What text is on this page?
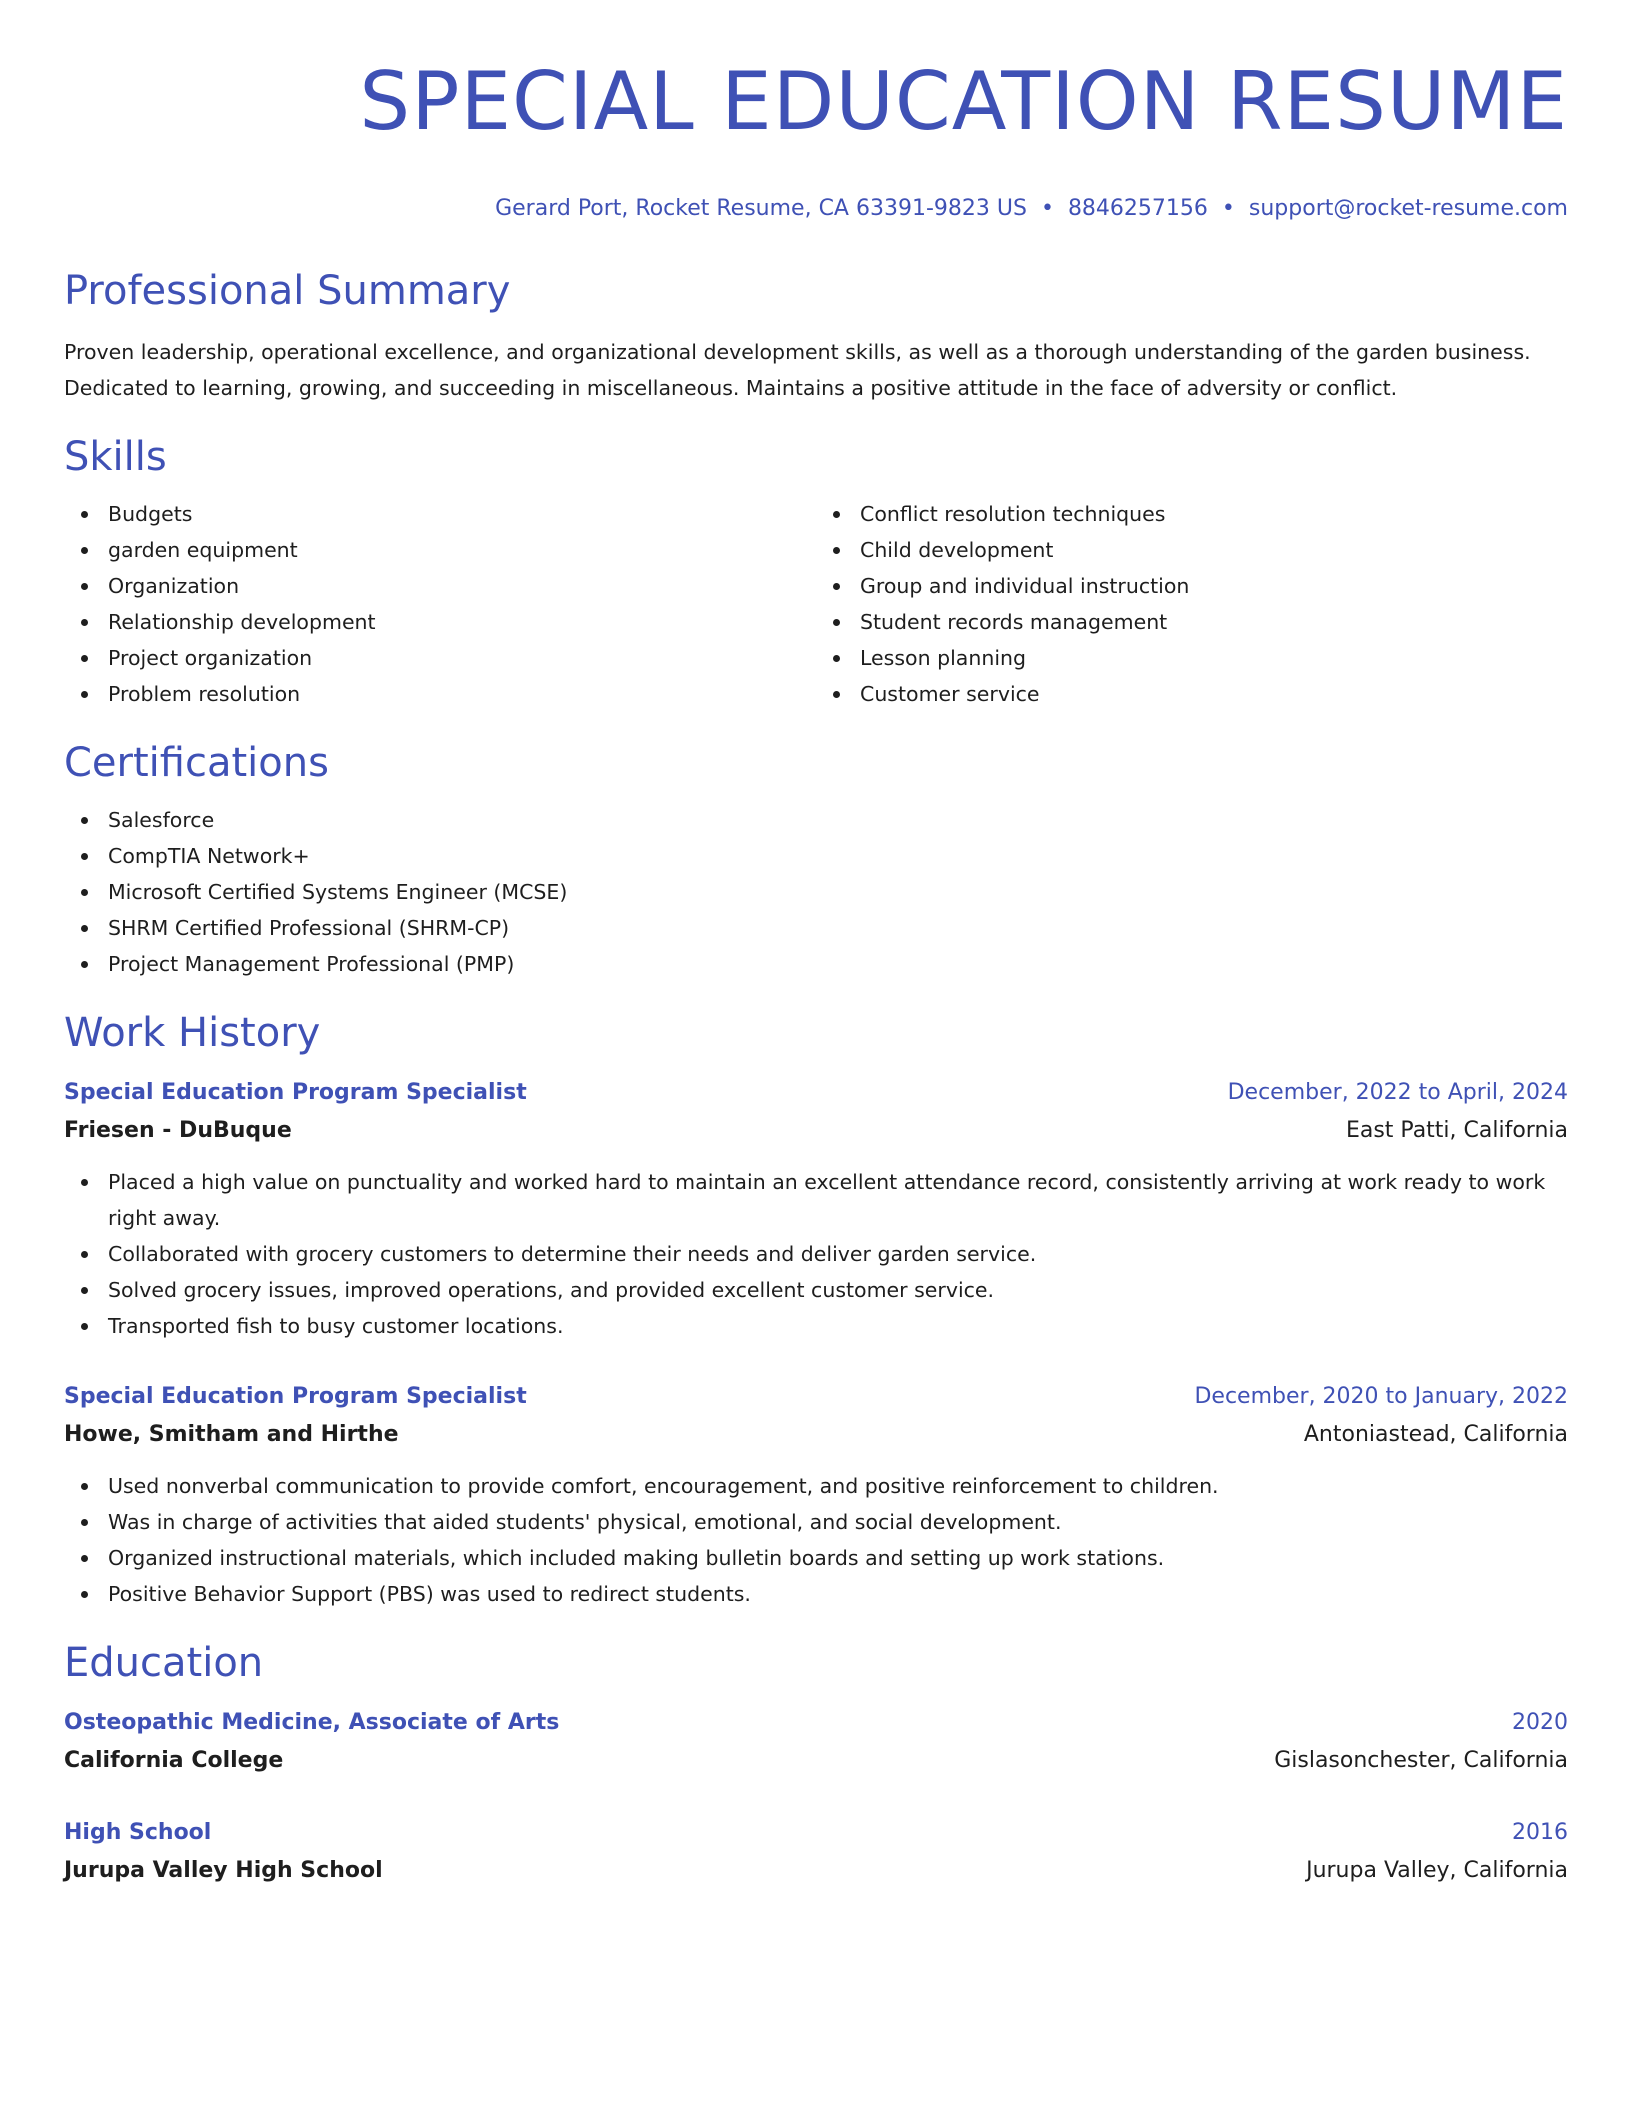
SPECIAL EDUCATION RESUME
Gerard Port, Rocket Resume, CA 63391-9823 US • 8846257156 • support@rocket-resume.com
Professional Summary
Proven leadership, operational excellence, and organizational development skills, as well as a thorough understanding of the garden business. Dedicated to learning, growing, and succeeding in miscellaneous. Maintains a positive attitude in the face of adversity or conflict.
Skills
Budgets
garden equipment
Organization
Relationship development
Project organization
Problem resolution
Conflict resolution techniques
Child development
Group and individual instruction
Student records management
Lesson planning
Customer service
Certifications
Salesforce
CompTIA Network+
Microsoft Certified Systems Engineer (MCSE)
SHRM Certified Professional (SHRM-CP)
Project Management Professional (PMP)
Work History
Special Education Program Specialist	December, 2022 to April, 2024
Friesen - DuBuque	East Patti, California
Placed a high value on punctuality and worked hard to maintain an excellent attendance record, consistently arriving at work ready to work right away.
Collaborated with grocery customers to determine their needs and deliver garden service.
Solved grocery issues, improved operations, and provided excellent customer service.
Transported fish to busy customer locations.
Special Education Program Specialist	December, 2020 to January, 2022
Howe, Smitham and Hirthe	Antoniastead, California
Used nonverbal communication to provide comfort, encouragement, and positive reinforcement to children.
Was in charge of activities that aided students' physical, emotional, and social development.
Organized instructional materials, which included making bulletin boards and setting up work stations.
Positive Behavior Support (PBS) was used to redirect students.
Education
Osteopathic Medicine, Associate of Arts	2020
California College	Gislasonchester, California
High School	2016
Jurupa Valley High School	Jurupa Valley, California
